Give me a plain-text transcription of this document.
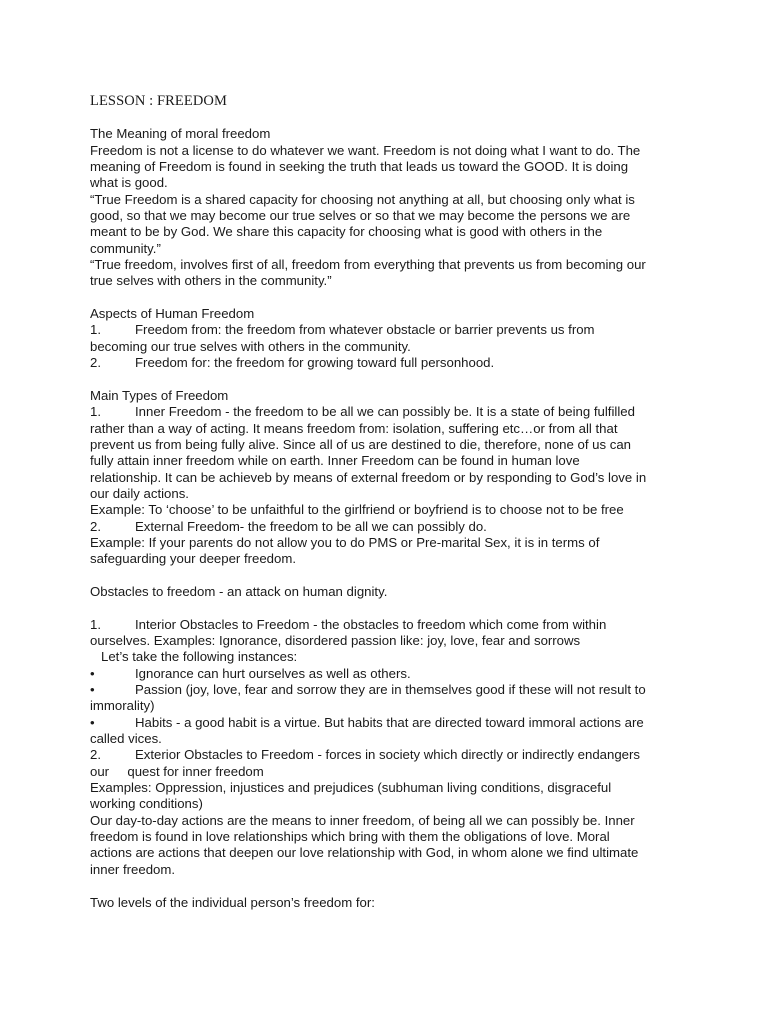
LESSON : FREEDOM

The Meaning of moral freedom

Freedom is not a license to do whatever we want. Freedom is not doing what I want to do. The

meaning of Freedom is found in seeking the truth that leads us toward the GOOD. It is doing

what is good.

“True Freedom is a shared capacity for choosing not anything at all, but choosing only what is

good, so that we may become our true selves or so that we may become the persons we are

meant to be by God. We share this capacity for choosing what is good with others in the

community.”

“True freedom, involves first of all, freedom from everything that prevents us from becoming our

true selves with others in the community.”

Aspects of Human Freedom

1.	Freedom from: the freedom from whatever obstacle or barrier prevents us from

becoming our true selves with others in the community.

2.	Freedom for: the freedom for growing toward full personhood.

Main Types of Freedom

1.	Inner Freedom - the freedom to be all we can possibly be. It is a state of being fulfilled

rather than a way of acting. It means freedom from: isolation, suffering etc…or from all that

prevent us from being fully alive. Since all of us are destined to die, therefore, none of us can

fully attain inner freedom while on earth. Inner Freedom can be found in human love

relationship. It can be achieveb by means of external freedom or by responding to God’s love in

our daily actions.

Example: To ‘choose’ to be unfaithful to the girlfriend or boyfriend is to choose not to be free

2.	External Freedom- the freedom to be all we can possibly do.

Example: If your parents do not allow you to do PMS or Pre-marital Sex, it is in terms of

safeguarding your deeper freedom.

Obstacles to freedom - an attack on human dignity.

1.	Interior Obstacles to Freedom - the obstacles to freedom which come from within

ourselves. Examples: Ignorance, disordered passion like: joy, love, fear and sorrows

Let’s take the following instances:

•	Ignorance can hurt ourselves as well as others.

•	Passion (joy, love, fear and sorrow they are in themselves good if these will not result to

immorality)

•	Habits - a good habit is a virtue. But habits that are directed toward immoral actions are

called vices.

2.	Exterior Obstacles to Freedom - forces in society which directly or indirectly endangers

our     quest for inner freedom

Examples: Oppression, injustices and prejudices (subhuman living conditions, disgraceful

working conditions)

Our day-to-day actions are the means to inner freedom, of being all we can possibly be. Inner

freedom is found in love relationships which bring with them the obligations of love. Moral

actions are actions that deepen our love relationship with God, in whom alone we find ultimate

inner freedom.

Two levels of the individual person’s freedom for:
